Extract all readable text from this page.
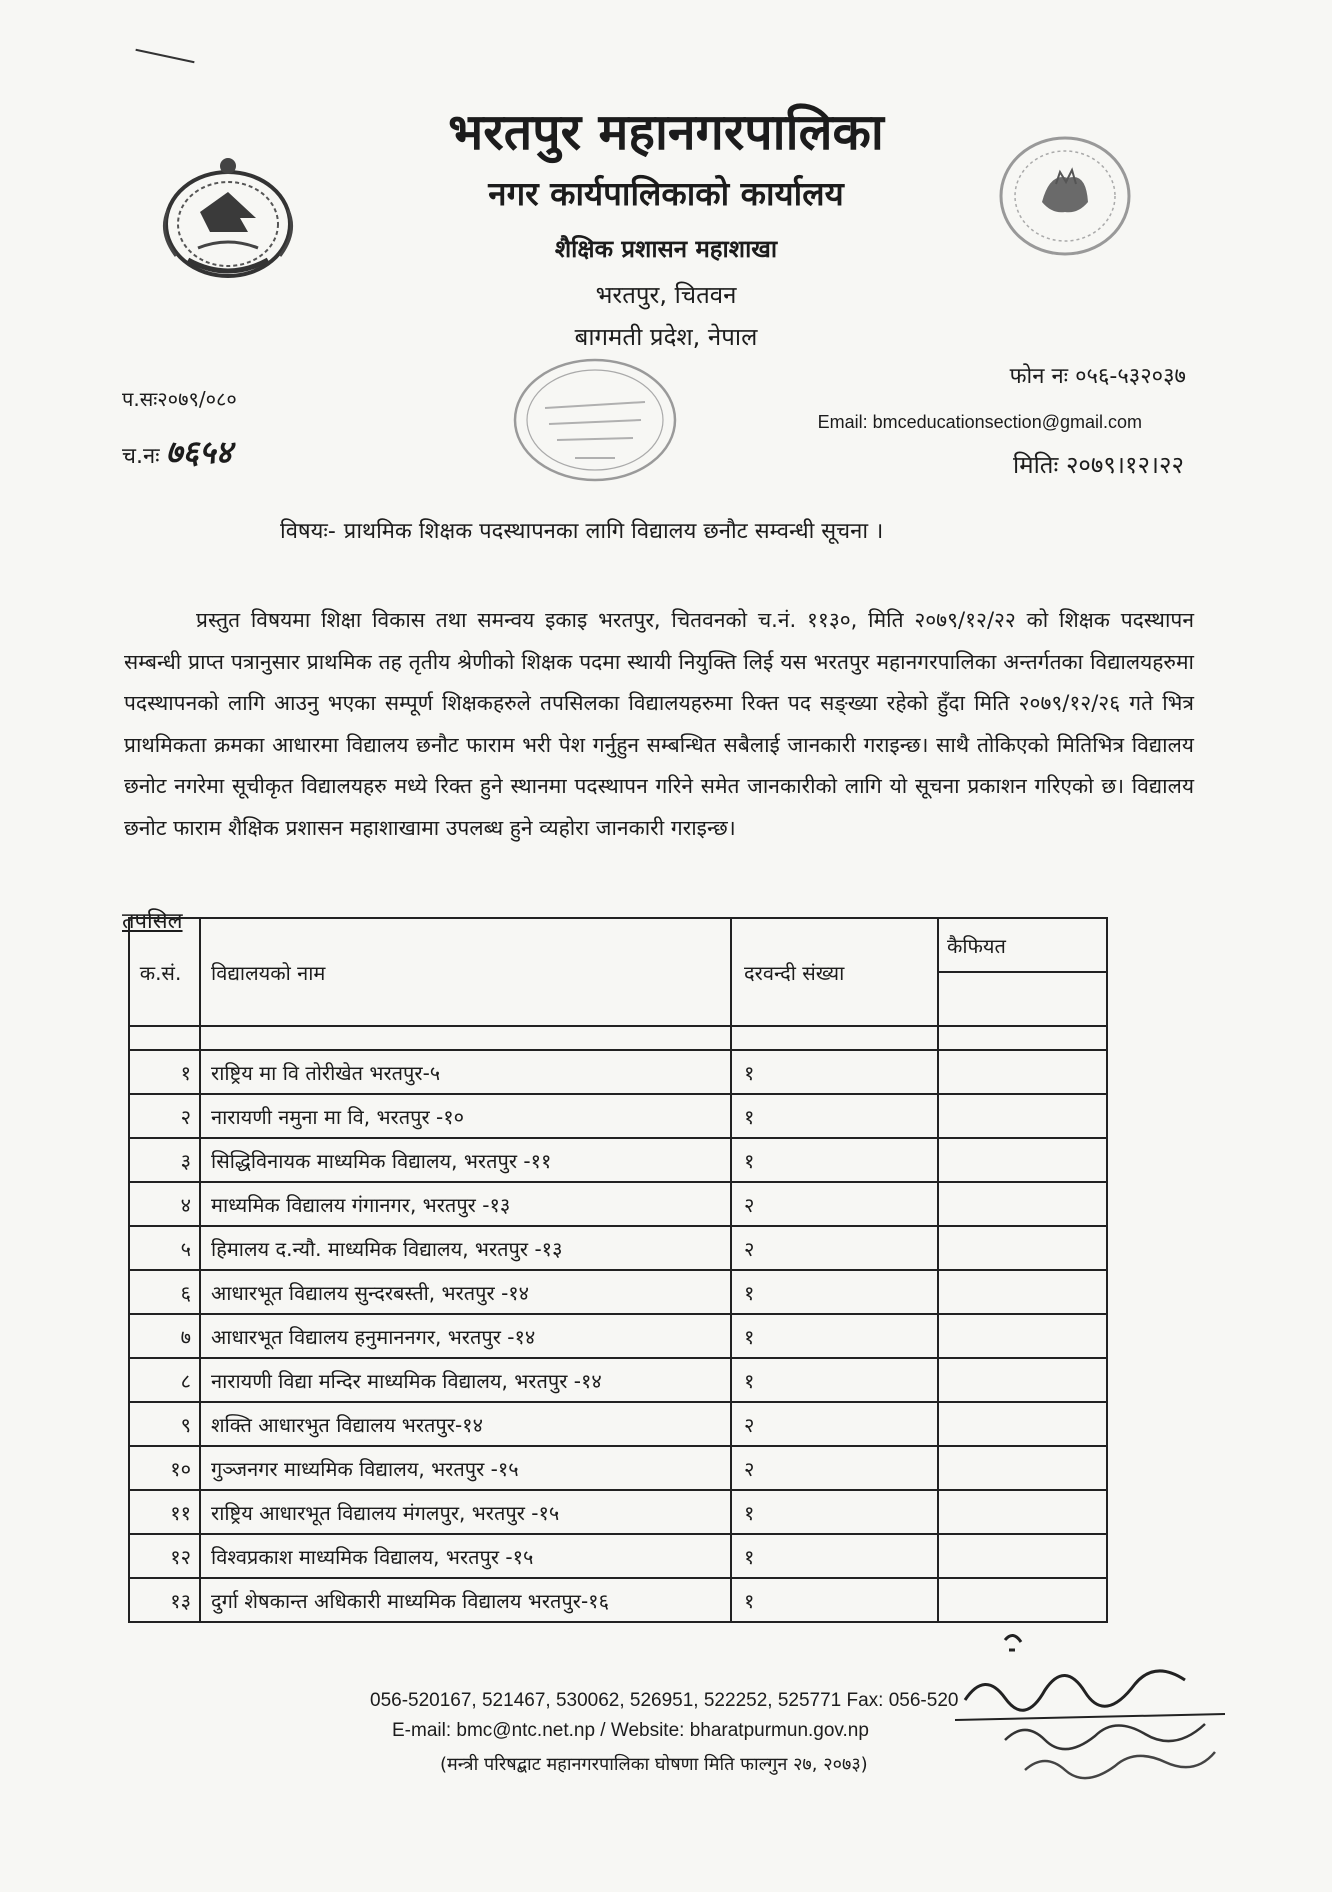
भरतपुर महानगरपालिका
नगर कार्यपालिकाको कार्यालय
शैक्षिक प्रशासन महाशाखा
भरतपुर, चितवन
बागमती प्रदेश, नेपाल
फोन नः ०५६-५३२०३७
Email: bmceducationsection@gmail.com
मितिः २०७९।१२।२२
प.सः२०७९/०८०
च.नः ७६५४
विषयः- प्राथमिक शिक्षक पदस्थापनका लागि विद्यालय छनौट सम्वन्धी सूचना ।
प्रस्तुत विषयमा शिक्षा विकास तथा समन्वय इकाइ भरतपुर, चितवनको च.नं. ११३०, मिति २०७९/१२/२२ को शिक्षक पदस्थापन सम्बन्धी प्राप्त पत्रानुसार प्राथमिक तह तृतीय श्रेणीको शिक्षक पदमा स्थायी नियुक्ति लिई यस भरतपुर महानगरपालिका अन्तर्गतका विद्यालयहरुमा पदस्थापनको लागि आउनु भएका सम्पूर्ण शिक्षकहरुले तपसिलका विद्यालयहरुमा रिक्त पद सङ्ख्या रहेको हुँदा मिति २०७९/१२/२६ गते भित्र प्राथमिकता क्रमका आधारमा विद्यालय छनौट फाराम भरी पेश गर्नुहुन सम्बन्धित सबैलाई जानकारी गराइन्छ। साथै तोकिएको मितिभित्र विद्यालय छनोट नगरेमा सूचीकृत विद्यालयहरु मध्ये रिक्त हुने स्थानमा पदस्थापन गरिने समेत जानकारीको लागि यो सूचना प्रकाशन गरिएको छ। विद्यालय छनोट फाराम शैक्षिक प्रशासन महाशाखामा उपलब्ध हुने व्यहोरा जानकारी गराइन्छ।
तपसिल
क.सं.	विद्यालयको नाम	दरवन्दी संख्या	कैफियत

१	राष्ट्रिय मा वि तोरीखेत भरतपुर-५	१	
२	नारायणी नमुना मा वि, भरतपुर -१०	१	
३	सिद्धिविनायक माध्यमिक विद्यालय, भरतपुर -११	१	
४	माध्यमिक विद्यालय गंगानगर, भरतपुर -१३	२	
५	हिमालय द.न्यौ. माध्यमिक विद्यालय, भरतपुर -१३	२	
६	आधारभूत विद्यालय सुन्दरबस्ती, भरतपुर -१४	१	
७	आधारभूत विद्यालय हनुमाननगर, भरतपुर -१४	१	
८	नारायणी विद्या मन्दिर माध्यमिक विद्यालय, भरतपुर -१४	१	
९	शक्ति आधारभुत विद्यालय भरतपुर-१४	२	
१०	गुञ्जनगर माध्यमिक विद्यालय, भरतपुर -१५	२	
११	राष्ट्रिय आधारभूत विद्यालय मंगलपुर, भरतपुर -१५	१	
१२	विश्वप्रकाश माध्यमिक विद्यालय, भरतपुर -१५	१	
१३	दुर्गा शेषकान्त अधिकारी माध्यमिक विद्यालय भरतपुर-१६	१	
056-520167, 521467, 530062, 526951, 522252, 525771 Fax: 056-520
E-mail: bmc@ntc.net.np / Website: bharatpurmun.gov.np
(मन्त्री परिषद्बाट महानगरपालिका घोषणा मिति फाल्गुन २७, २०७३)
